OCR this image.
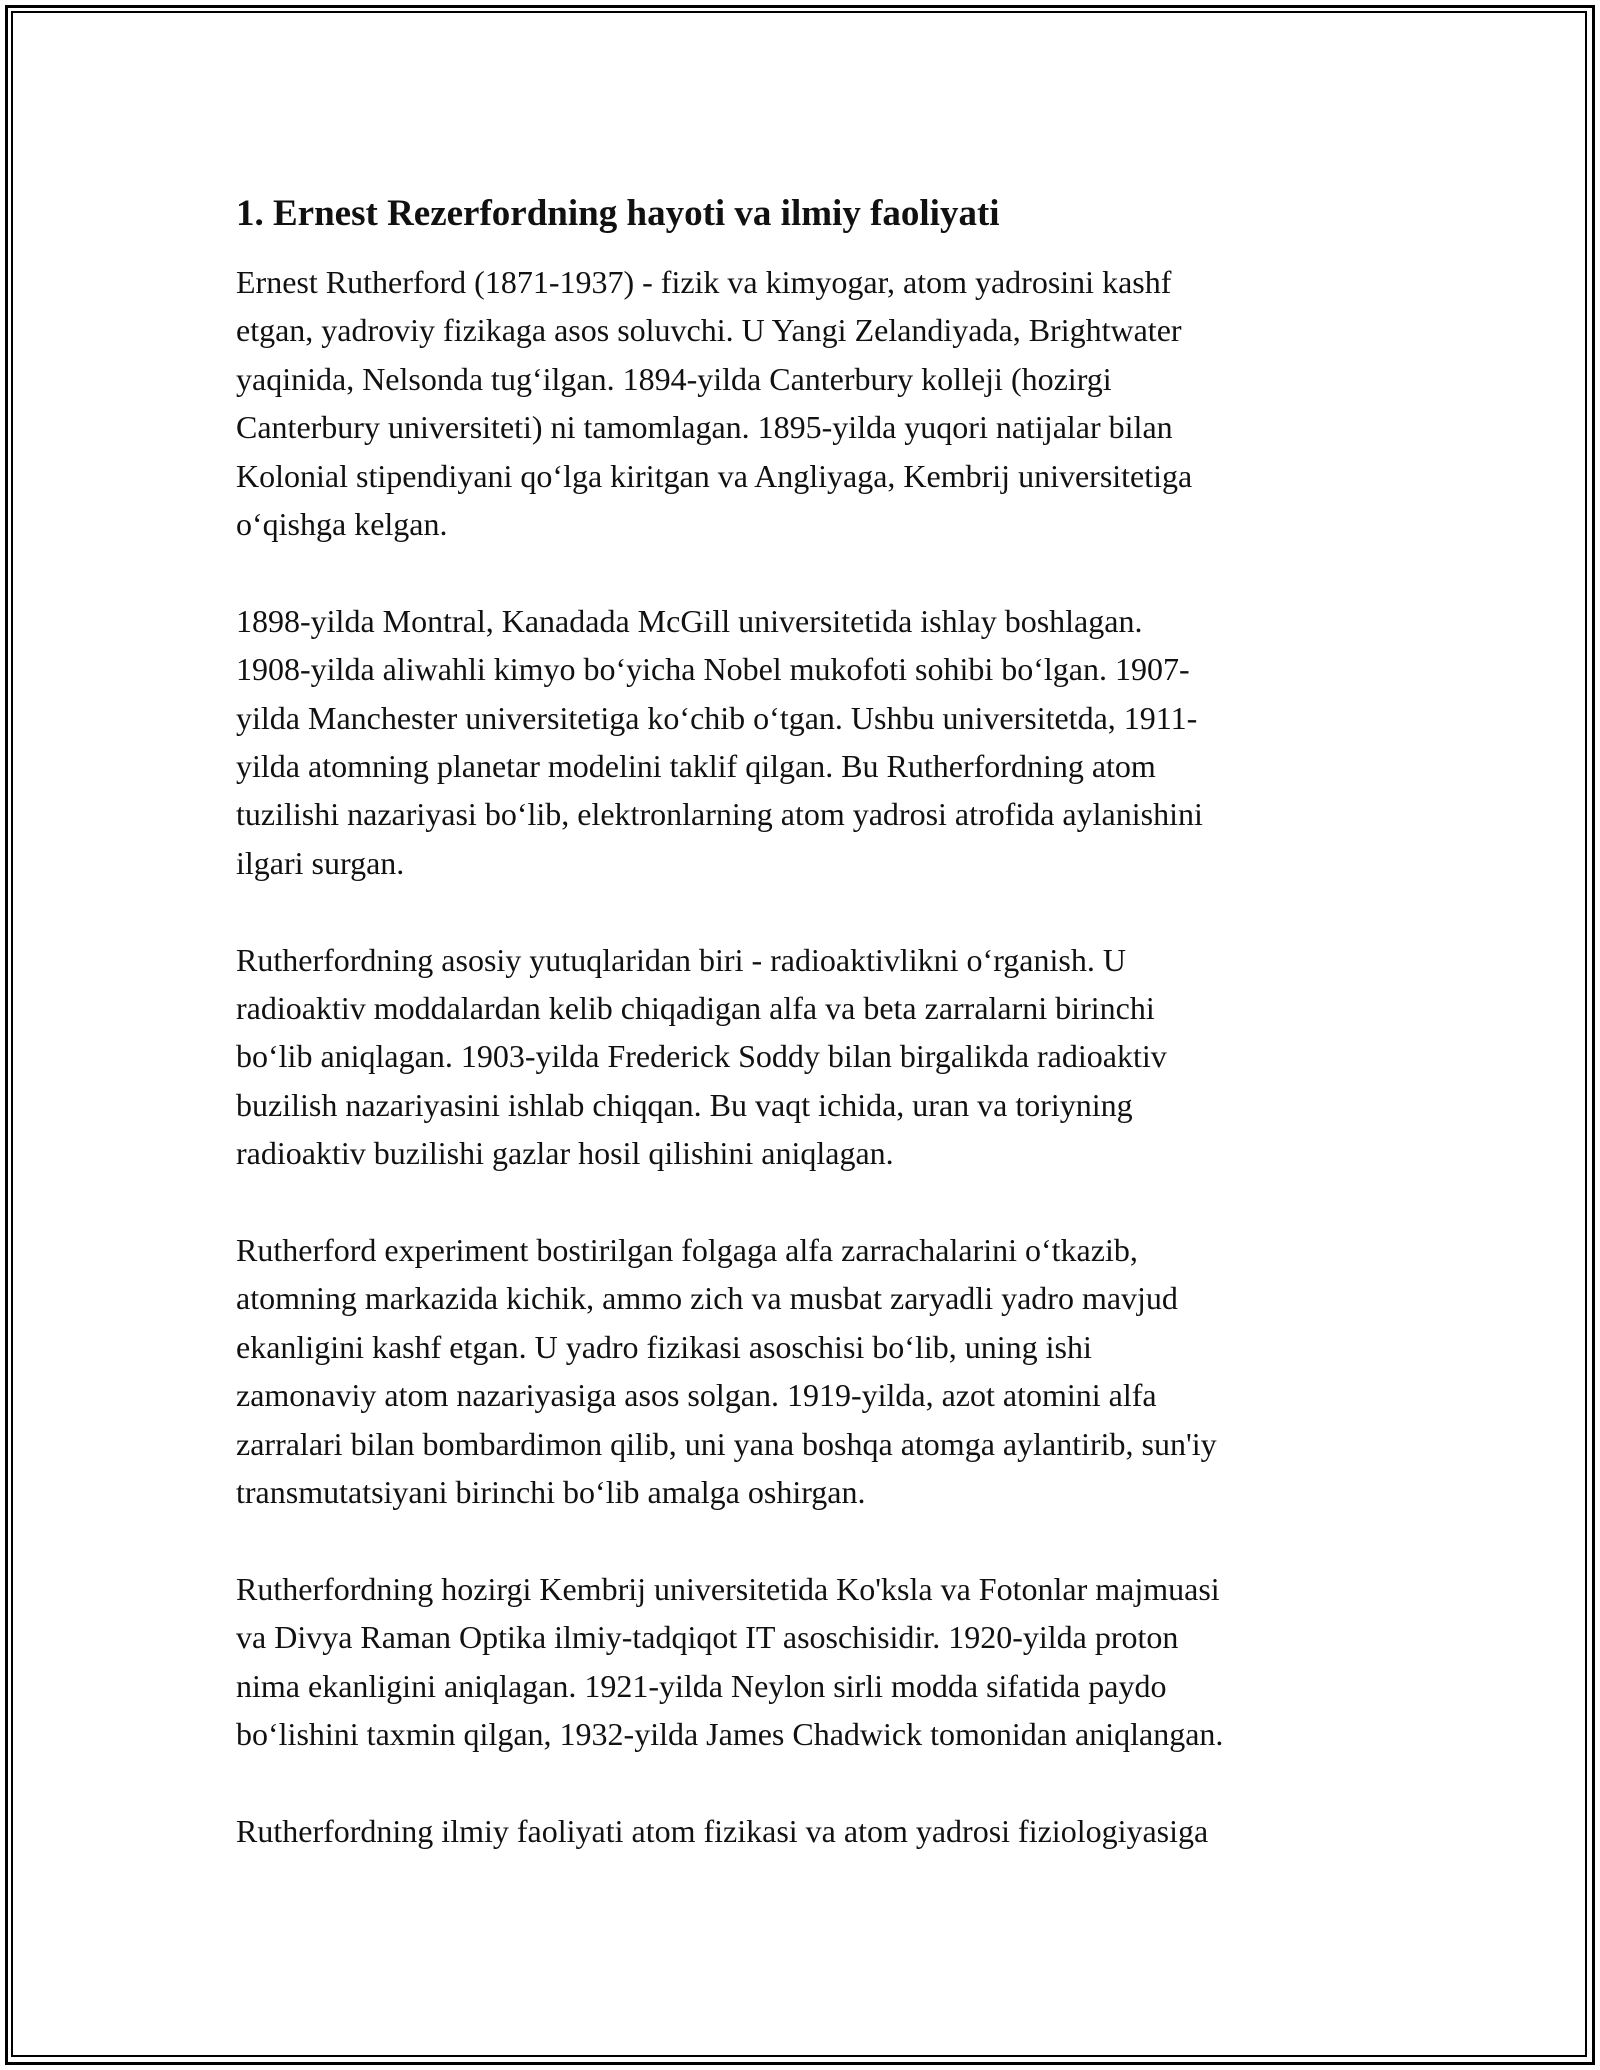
1. Ernest Rezerfordning hayoti va ilmiy faoliyati
Ernest Rutherford (1871-1937) - fizik va kimyogar, atom yadrosini kashf
etgan, yadroviy fizikaga asos soluvchi. U Yangi Zelandiyada, Brightwater
yaqinida, Nelsonda tugʻilgan. 1894-yilda Canterbury kolleji (hozirgi
Canterbury universiteti) ni tamomlagan. 1895-yilda yuqori natijalar bilan
Kolonial stipendiyani qoʻlga kiritgan va Angliyaga, Kembrij universitetiga
oʻqishga kelgan.
1898-yilda Montral, Kanadada McGill universitetida ishlay boshlagan.
1908-yilda aliwahli kimyo boʻyicha Nobel mukofoti sohibi boʻlgan. 1907-
yilda Manchester universitetiga koʻchib oʻtgan. Ushbu universitetda, 1911-
yilda atomning planetar modelini taklif qilgan. Bu Rutherfordning atom
tuzilishi nazariyasi boʻlib, elektronlarning atom yadrosi atrofida aylanishini
ilgari surgan.
Rutherfordning asosiy yutuqlaridan biri - radioaktivlikni oʻrganish. U
radioaktiv moddalardan kelib chiqadigan alfa va beta zarralarni birinchi
boʻlib aniqlagan. 1903-yilda Frederick Soddy bilan birgalikda radioaktiv
buzilish nazariyasini ishlab chiqqan. Bu vaqt ichida, uran va toriyning
radioaktiv buzilishi gazlar hosil qilishini aniqlagan.
Rutherford experiment bostirilgan folgaga alfa zarrachalarini oʻtkazib,
atomning markazida kichik, ammo zich va musbat zaryadli yadro mavjud
ekanligini kashf etgan. U yadro fizikasi asoschisi boʻlib, uning ishi
zamonaviy atom nazariyasiga asos solgan. 1919-yilda, azot atomini alfa
zarralari bilan bombardimon qilib, uni yana boshqa atomga aylantirib, sun'iy
transmutatsiyani birinchi boʻlib amalga oshirgan.
Rutherfordning hozirgi Kembrij universitetida Ko'ksla va Fotonlar majmuasi
va Divya Raman Optika ilmiy-tadqiqot IT asoschisidir. 1920-yilda proton
nima ekanligini aniqlagan. 1921-yilda Neylon sirli modda sifatida paydo
boʻlishini taxmin qilgan, 1932-yilda James Chadwick tomonidan aniqlangan.
Rutherfordning ilmiy faoliyati atom fizikasi va atom yadrosi fiziologiyasiga
